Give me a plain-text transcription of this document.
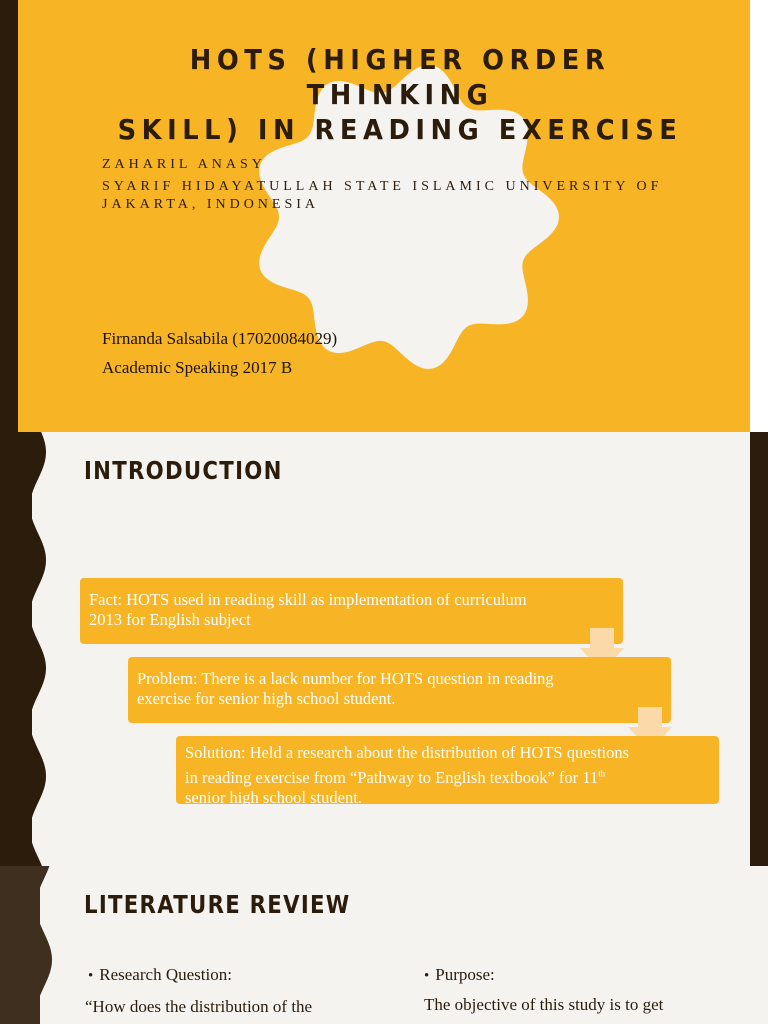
HOTS (HIGHER ORDER THINKING
SKILL) IN READING EXERCISE

ZAHARIL ANASY

SYARIF HIDAYATULLAH STATE ISLAMIC UNIVERSITY OF
JAKARTA, INDONESIA

Firnanda Salsabila (17020084029)

Academic Speaking 2017 B

INTRODUCTION
Fact: HOTS used in reading skill as implementation of curriculum
2013 for English subject
Problem: There is a lack number for HOTS question in reading
exercise for senior high school student.
Solution: Held a research about the distribution of HOTS questions
in reading exercise from “Pathway to English textbook” for 11th
senior high school student.
LITERATURE REVIEW

• Research Question:

“How does the distribution of the

• Purpose:

The objective of this study is to get
